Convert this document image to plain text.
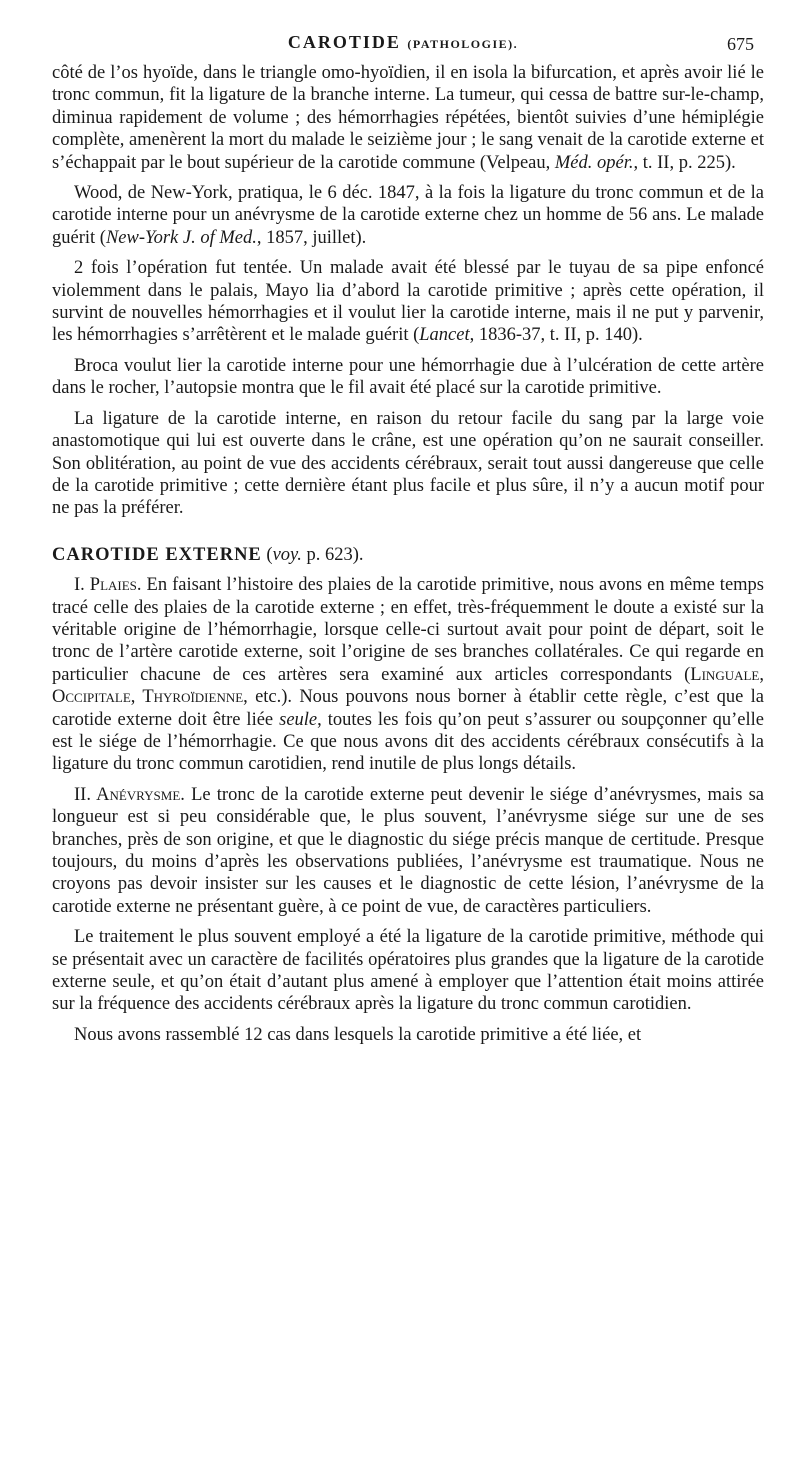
CAROTIDE (PATHOLOGIE).	675

côté de l’os hyoïde, dans le triangle omo-hyoïdien, il en isola la bifurcation, et après avoir lié le tronc commun, fit la ligature de la branche interne. La tumeur, qui cessa de battre sur-le-champ, diminua rapidement de volume ; des hémorrhagies répétées, bientôt suivies d’une hémiplégie complète, amenèrent la mort du malade le seizième jour ; le sang venait de la carotide externe et s’échappait par le bout supérieur de la carotide commune (Velpeau, Méd. opér., t. II, p. 225).

Wood, de New-York, pratiqua, le 6 déc. 1847, à la fois la ligature du tronc commun et de la carotide interne pour un anévrysme de la carotide externe chez un homme de 56 ans. Le malade guérit (New-York J. of Med., 1857, juillet).

2 fois l’opération fut tentée. Un malade avait été blessé par le tuyau de sa pipe enfoncé violemment dans le palais, Mayo lia d’abord la carotide primitive ; après cette opération, il survint de nouvelles hémorrhagies et il voulut lier la carotide interne, mais il ne put y parvenir, les hémorrhagies s’arrêtèrent et le malade guérit (Lancet, 1836-37, t. II, p. 140).

Broca voulut lier la carotide interne pour une hémorrhagie due à l’ulcération de cette artère dans le rocher, l’autopsie montra que le fil avait été placé sur la carotide primitive.

La ligature de la carotide interne, en raison du retour facile du sang par la large voie anastomotique qui lui est ouverte dans le crâne, est une opération qu’on ne saurait conseiller. Son oblitération, au point de vue des accidents cérébraux, serait tout aussi dangereuse que celle de la carotide primitive ; cette dernière étant plus facile et plus sûre, il n’y a aucun motif pour ne pas la préférer.

CAROTIDE EXTERNE (voy. p. 623).

I. Plaies. En faisant l’histoire des plaies de la carotide primitive, nous avons en même temps tracé celle des plaies de la carotide externe ; en effet, très-fréquemment le doute a existé sur la véritable origine de l’hémorrhagie, lorsque celle-ci surtout avait pour point de départ, soit le tronc de l’artère carotide externe, soit l’origine de ses branches collatérales. Ce qui regarde en particulier chacune de ces artères sera examiné aux articles correspondants (Linguale, Occipitale, Thyroïdienne, etc.). Nous pouvons nous borner à établir cette règle, c’est que la carotide externe doit être liée seule, toutes les fois qu’on peut s’assurer ou soupçonner qu’elle est le siége de l’hémorrhagie. Ce que nous avons dit des accidents cérébraux consécutifs à la ligature du tronc commun carotidien, rend inutile de plus longs détails.

II. Anévrysme. Le tronc de la carotide externe peut devenir le siége d’anévrysmes, mais sa longueur est si peu considérable que, le plus souvent, l’anévrysme siége sur une de ses branches, près de son origine, et que le diagnostic du siége précis manque de certitude. Presque toujours, du moins d’après les observations publiées, l’anévrysme est traumatique. Nous ne croyons pas devoir insister sur les causes et le diagnostic de cette lésion, l’anévrysme de la carotide externe ne présentant guère, à ce point de vue, de caractères particuliers.

Le traitement le plus souvent employé a été la ligature de la carotide primitive, méthode qui se présentait avec un caractère de facilités opératoires plus grandes que la ligature de la carotide externe seule, et qu’on était d’autant plus amené à employer que l’attention était moins attirée sur la fréquence des accidents cérébraux après la ligature du tronc commun carotidien.

Nous avons rassemblé 12 cas dans lesquels la carotide primitive a été liée, et
